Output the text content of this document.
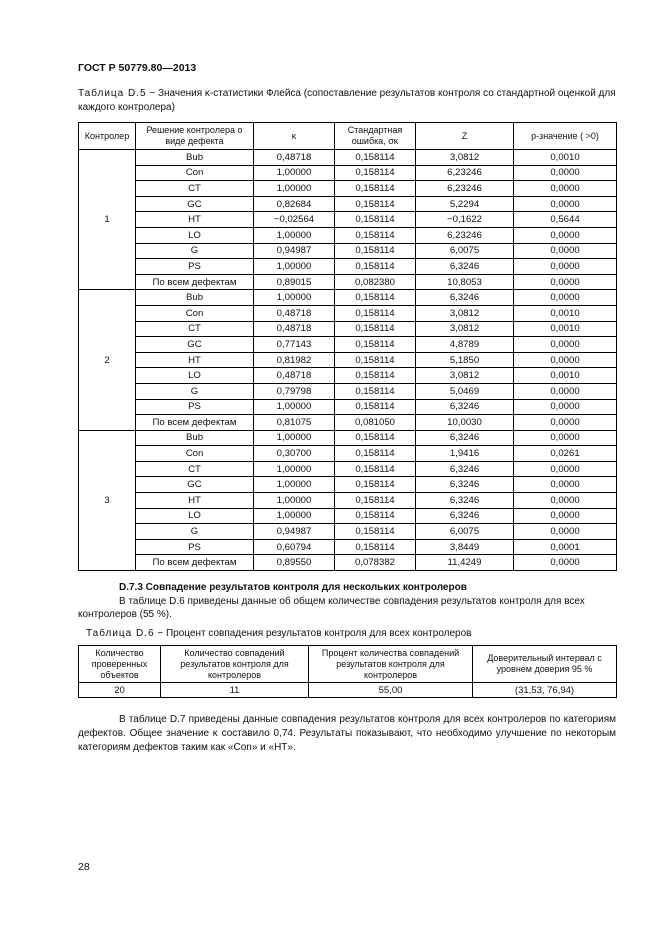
ГОСТ Р 50779.80—2013
Таблица D.5 − Значения κ-статистики Флейса (сопоставление результатов контроля со стандартной оценкой для каждого контролера)
Контролер	Решение контролера о виде дефекта	κ	Стандартная ошибка, σκ	Z	p-значение ( >0)
1	Bub	0,48718	0,158114	3,0812	0,0010
	Con	1,00000	0,158114	6,23246	0,0000
	CT	1,00000	0,158114	6,23246	0,0000
	GC	0,82684	0,158114	5,2294	0,0000
	HT	−0,02564	0,158114	−0,1622	0,5644
	LO	1,00000	0,158114	6,23246	0,0000
	G	0,94987	0,158114	6,0075	0,0000
	PS	1,00000	0,158114	6,3246	0,0000
	По всем дефектам	0,89015	0,082380	10,8053	0,0000
2	Bub	1,00000	0,158114	6,3246	0,0000
	Con	0,48718	0,158114	3,0812	0,0010
	CT	0,48718	0,158114	3,0812	0,0010
	GC	0,77143	0,158114	4,8789	0,0000
	HT	0,81982	0,158114	5,1850	0,0000
	LO	0,48718	0,158114	3,0812	0,0010
	G	0,79798	0,158114	5,0469	0,0000
	PS	1,00000	0,158114	6,3246	0,0000
	По всем дефектам	0,81075	0,081050	10,0030	0,0000
3	Bub	1,00000	0,158114	6,3246	0,0000
	Con	0,30700	0,158114	1,9416	0,0261
	CT	1,00000	0,158114	6,3246	0,0000
	GC	1,00000	0,158114	6,3246	0,0000
	HT	1,00000	0,158114	6,3246	0,0000
	LO	1,00000	0,158114	6,3246	0,0000
	G	0,94987	0,158114	6,0075	0,0000
	PS	0,60794	0,158114	3,8449	0,0001
	По всем дефектам	0,89550	0,078382	11,4249	0,0000
D.7.3 Совпадение результатов контроля для нескольких контролеров
В таблице D.6 приведены данные об общем количестве совпадения результатов контроля для всех контролеров (55 %).
Таблица D.6 − Процент совпадения результатов контроля для всех контролеров
Количество проверенных объектов	Количество совпадений результатов контроля для контролеров	Процент количества совпадений результатов контроля для контролеров	Доверительный интервал с уровнем доверия 95 %
20	11	55,00	(31,53, 76,94)
В таблице D.7 приведены данные совпадения результатов контроля для всех контролеров по категориям дефектов. Общее значение κ составило 0,74. Результаты показывают, что необходимо улучшение по некоторым категориям дефектов таким как «Con» и «HT».
28
